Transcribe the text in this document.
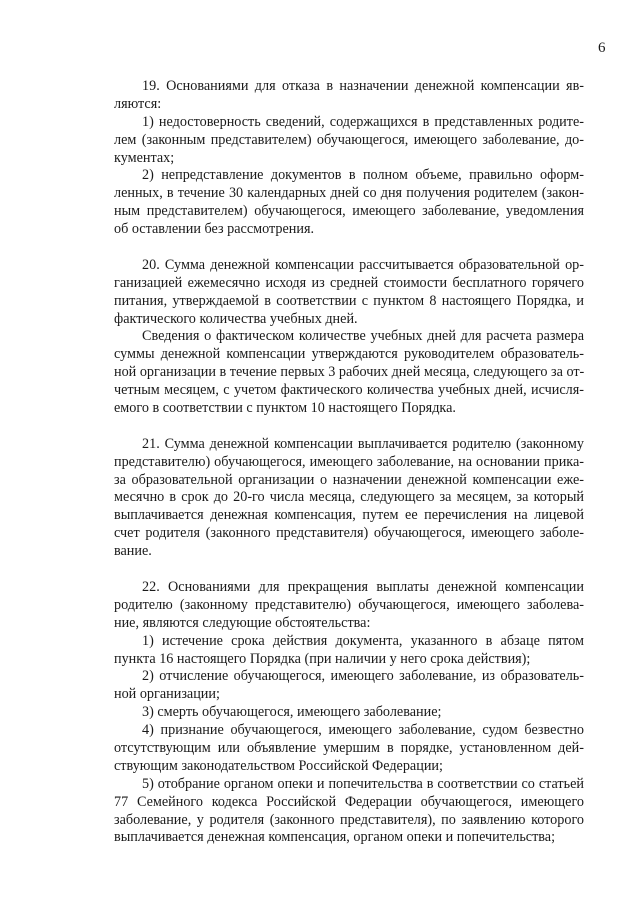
6
19. Основаниями для отказа в назначении денежной компенсации яв-
ляются:
1) недостоверность сведений, содержащихся в представленных родите-
лем (законным представителем) обучающегося, имеющего заболевание, до-
кументах;
2) непредставление документов в полном объеме, правильно оформ-
ленных, в течение 30 календарных дней со дня получения родителем (закон-
ным представителем) обучающегося, имеющего заболевание, уведомления
об оставлении без рассмотрения.
20. Сумма денежной компенсации рассчитывается образовательной ор-
ганизацией ежемесячно исходя из средней стоимости бесплатного горячего
питания, утверждаемой в соответствии с пунктом 8 настоящего Порядка, и
фактического количества учебных дней.
Сведения о фактическом количестве учебных дней для расчета размера
суммы денежной компенсации утверждаются руководителем образователь-
ной организации в течение первых 3 рабочих дней месяца, следующего за от-
четным месяцем, с учетом фактического количества учебных дней, исчисля-
емого в соответствии с пунктом 10 настоящего Порядка.
21. Сумма денежной компенсации выплачивается родителю (законному
представителю) обучающегося, имеющего заболевание, на основании прика-
за образовательной организации о назначении денежной компенсации еже-
месячно в срок до 20-го числа месяца, следующего за месяцем, за который
выплачивается денежная компенсация, путем ее перечисления на лицевой
счет родителя (законного представителя) обучающегося, имеющего заболе-
вание.
22. Основаниями для прекращения выплаты денежной компенсации
родителю (законному представителю) обучающегося, имеющего заболева-
ние, являются следующие обстоятельства:
1) истечение срока действия документа, указанного в абзаце пятом
пункта 16 настоящего Порядка (при наличии у него срока действия);
2) отчисление обучающегося, имеющего заболевание, из образователь-
ной организации;
3) смерть обучающегося, имеющего заболевание;
4) признание обучающегося, имеющего заболевание, судом безвестно
отсутствующим или объявление умершим в порядке, установленном дей-
ствующим законодательством Российской Федерации;
5) отобрание органом опеки и попечительства в соответствии со статьей
77 Семейного кодекса Российской Федерации обучающегося, имеющего
заболевание, у родителя (законного представителя), по заявлению которого
выплачивается денежная компенсация, органом опеки и попечительства;
